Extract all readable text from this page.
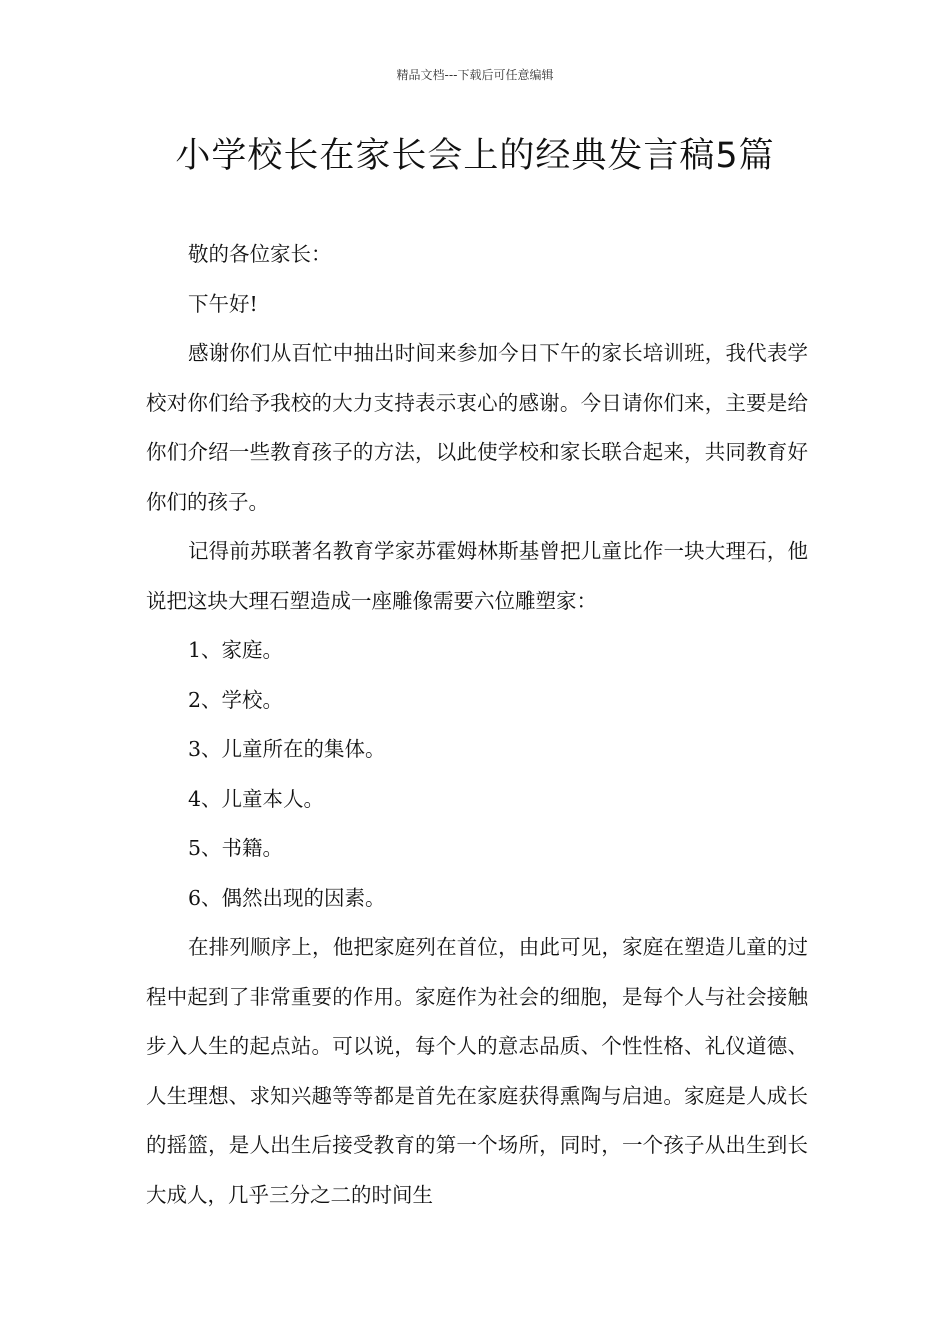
精品文档---下载后可任意编辑
小学校长在家长会上的经典发言稿5篇

敬的各位家长：

下午好!

感谢你们从百忙中抽出时间来参加今日下午的家长培训班，我代表学校对你们给予我校的大力支持表示衷心的感谢。今日请你们来，主要是给你们介绍一些教育孩子的方法，以此使学校和家长联合起来，共同教育好你们的孩子。

记得前苏联著名教育学家苏霍姆林斯基曾把儿童比作一块大理石，他说把这块大理石塑造成一座雕像需要六位雕塑家：

1、家庭。

2、学校。

3、儿童所在的集体。

4、儿童本人。

5、书籍。

6、偶然出现的因素。

在排列顺序上，他把家庭列在首位，由此可见，家庭在塑造儿童的过程中起到了非常重要的作用。家庭作为社会的细胞，是每个人与社会接触步入人生的起点站。可以说，每个人的意志品质、个性性格、礼仪道德、人生理想、求知兴趣等等都是首先在家庭获得熏陶与启迪。家庭是人成长的摇篮，是人出生后接受教育的第一个场所，同时，一个孩子从出生到长大成人，几乎三分之二的时间生
